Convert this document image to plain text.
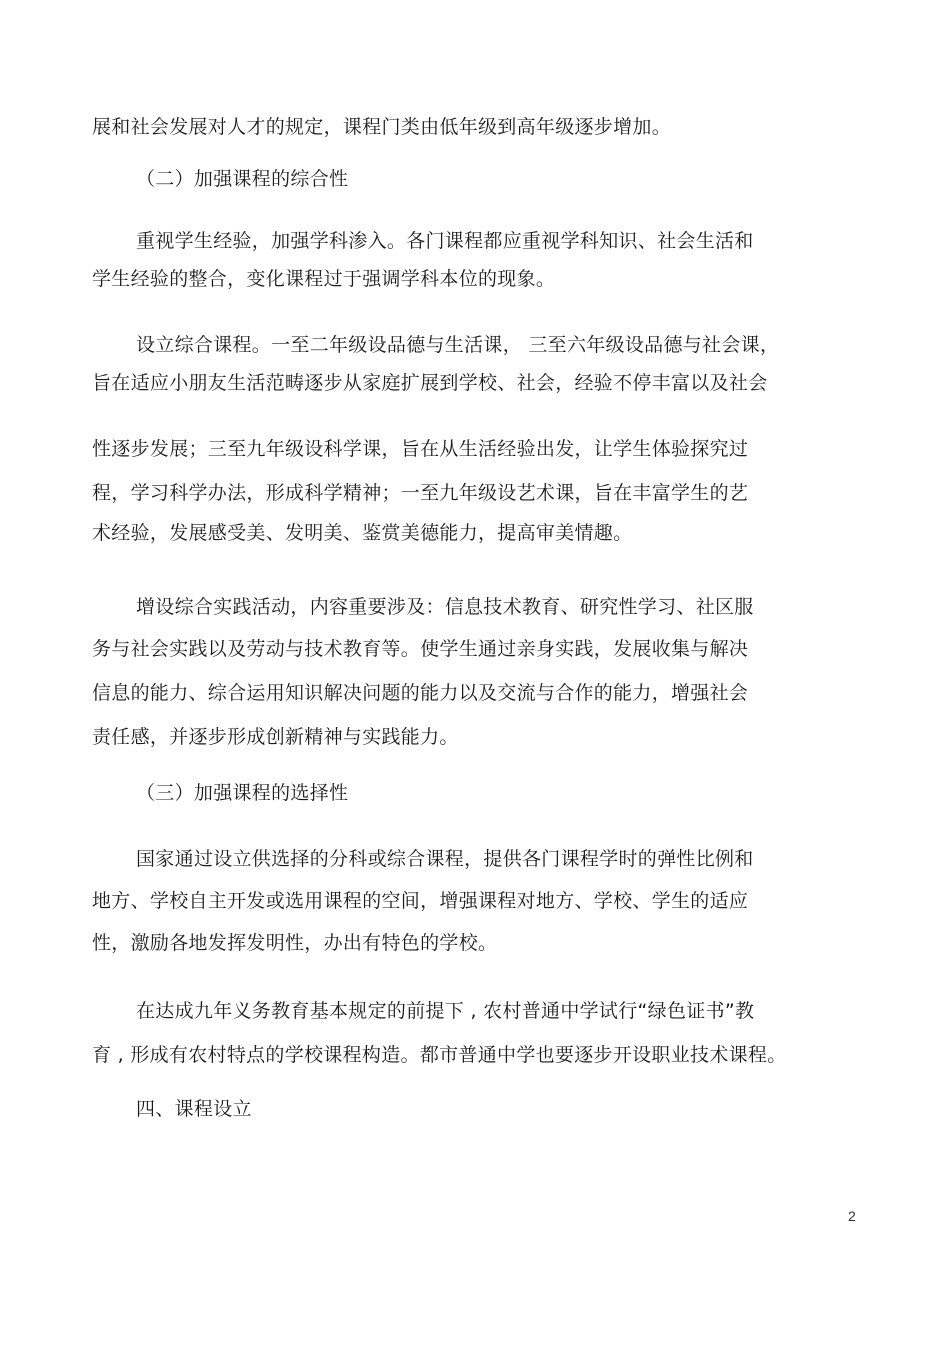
展和社会发展对人才的规定，课程门类由低年级到高年级逐步增加。
（二）加强课程的综合性
重视学生经验，加强学科渗入。各门课程都应重视学科知识、社会生活和
学生经验的整合，变化课程过于强调学科本位的现象。
设立综合课程。一至二年级设品德与生活课， 三至六年级设品德与社会课，
旨在适应小朋友生活范畴逐步从家庭扩展到学校、社会，经验不停丰富以及社会
性逐步发展；三至九年级设科学课，旨在从生活经验出发，让学生体验探究过
程，学习科学办法，形成科学精神；一至九年级设艺术课，旨在丰富学生的艺
术经验，发展感受美、发明美、鉴赏美德能力，提高审美情趣。
增设综合实践活动，内容重要涉及：信息技术教育、研究性学习、社区服
务与社会实践以及劳动与技术教育等。使学生通过亲身实践，发展收集与解决
信息的能力、综合运用知识解决问题的能力以及交流与合作的能力，增强社会
责任感，并逐步形成创新精神与实践能力。
（三）加强课程的选择性
国家通过设立供选择的分科或综合课程，提供各门课程学时的弹性比例和
地方、学校自主开发或选用课程的空间，增强课程对地方、学校、学生的适应
性，激励各地发挥发明性，办出有特色的学校。
在达成九年义务教育基本规定的前提下 , 农村普通中学试行“绿色证书”教
育 , 形成有农村特点的学校课程构造。都市普通中学也要逐步开设职业技术课程。
四、课程设立
2
